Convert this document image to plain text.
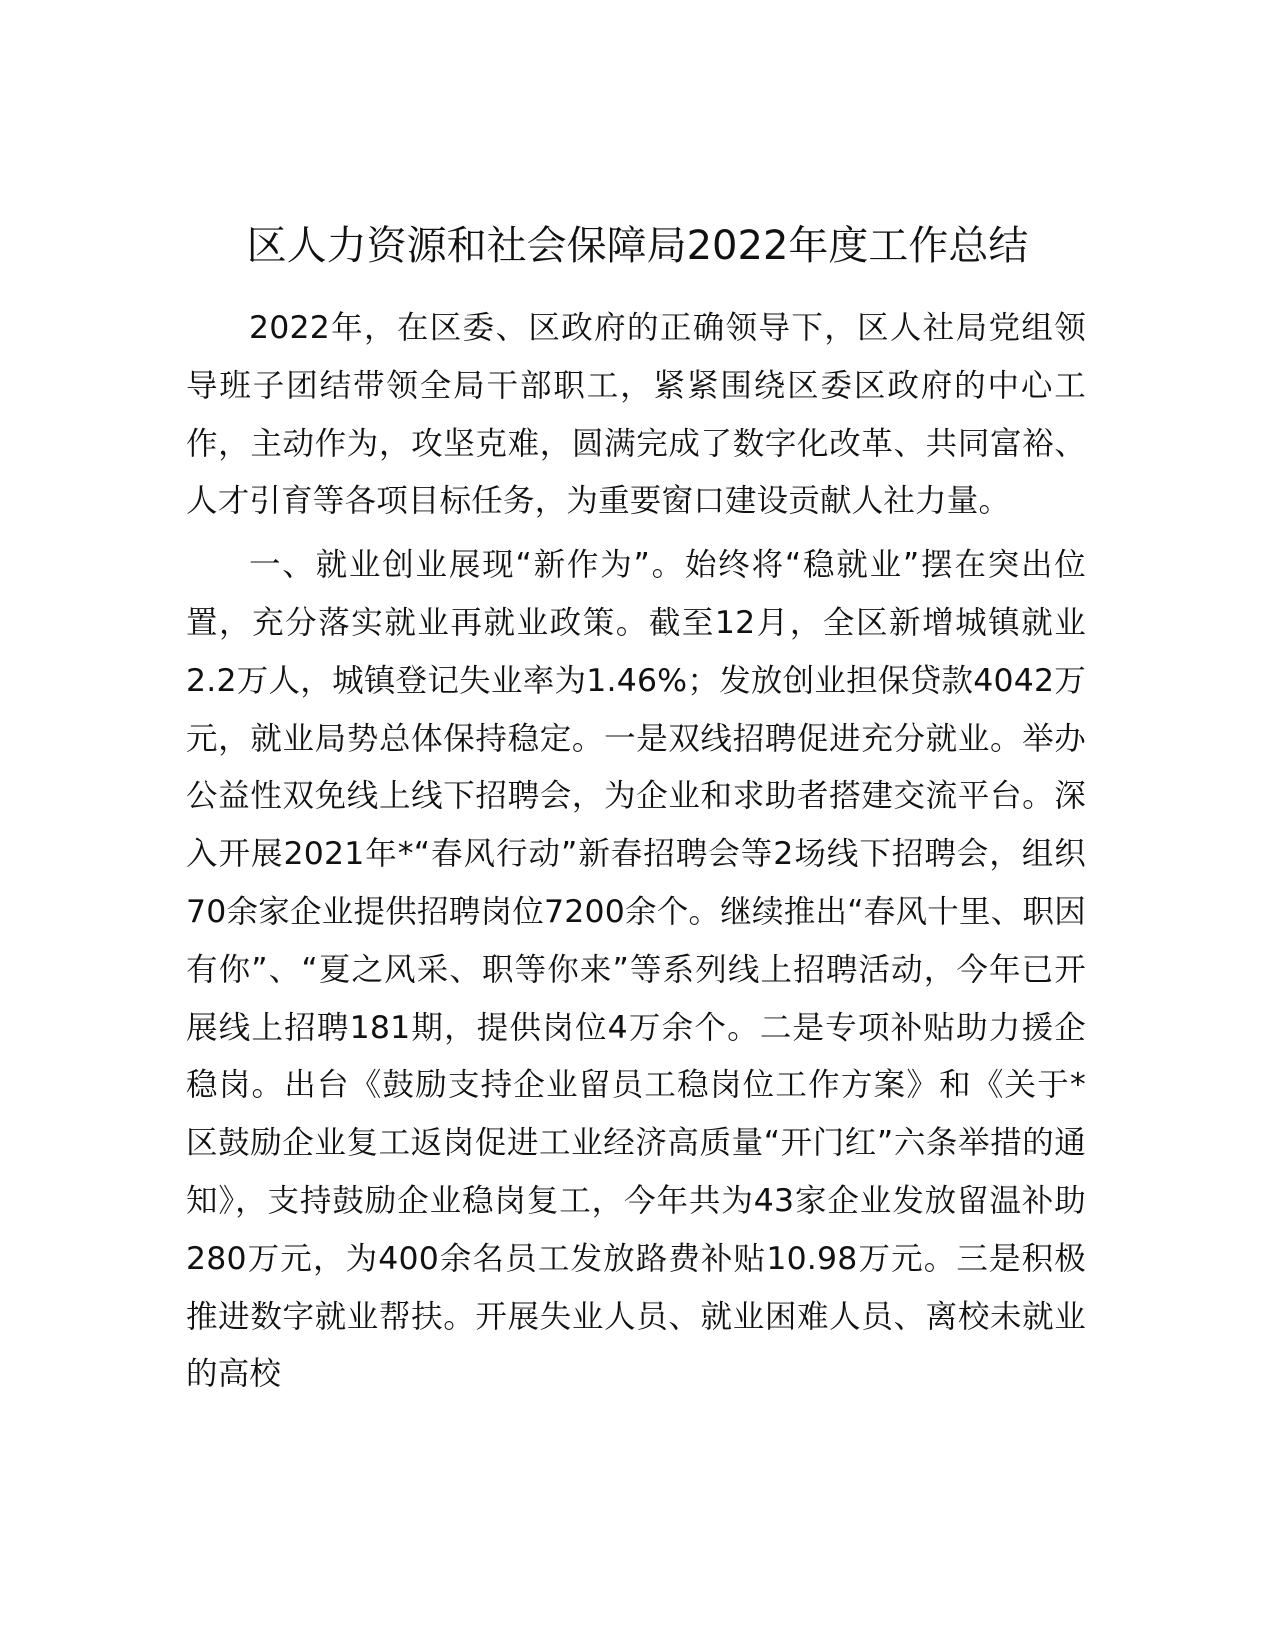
区人力资源和社会保障局2022年度工作总结

2022年，在区委、区政府的正确领导下，区人社局党组领导班子团结带领全局干部职工，紧紧围绕区委区政府的中心工作，主动作为，攻坚克难，圆满完成了数字化改革、共同富裕、人才引育等各项目标任务，为重要窗口建设贡献人社力量。

一、就业创业展现“新作为”。始终将“稳就业”摆在突出位置，充分落实就业再就业政策。截至12月，全区新增城镇就业2.2万人，城镇登记失业率为1.46%；发放创业担保贷款4042万元，就业局势总体保持稳定。一是双线招聘促进充分就业。举办公益性双免线上线下招聘会，为企业和求助者搭建交流平台。深入开展2021年*“春风行动”新春招聘会等2场线下招聘会，组织70余家企业提供招聘岗位7200余个。继续推出“春风十里、职因有你”、“夏之风采、职等你来”等系列线上招聘活动，今年已开展线上招聘181期，提供岗位4万余个。二是专项补贴助力援企稳岗。出台《鼓励支持企业留员工稳岗位工作方案》和《关于*区鼓励企业复工返岗促进工业经济高质量“开门红”六条举措的通知》，支持鼓励企业稳岗复工，今年共为43家企业发放留温补助280万元，为400余名员工发放路费补贴10.98万元。三是积极推进数字就业帮扶。开展失业人员、就业困难人员、离校未就业的高校
